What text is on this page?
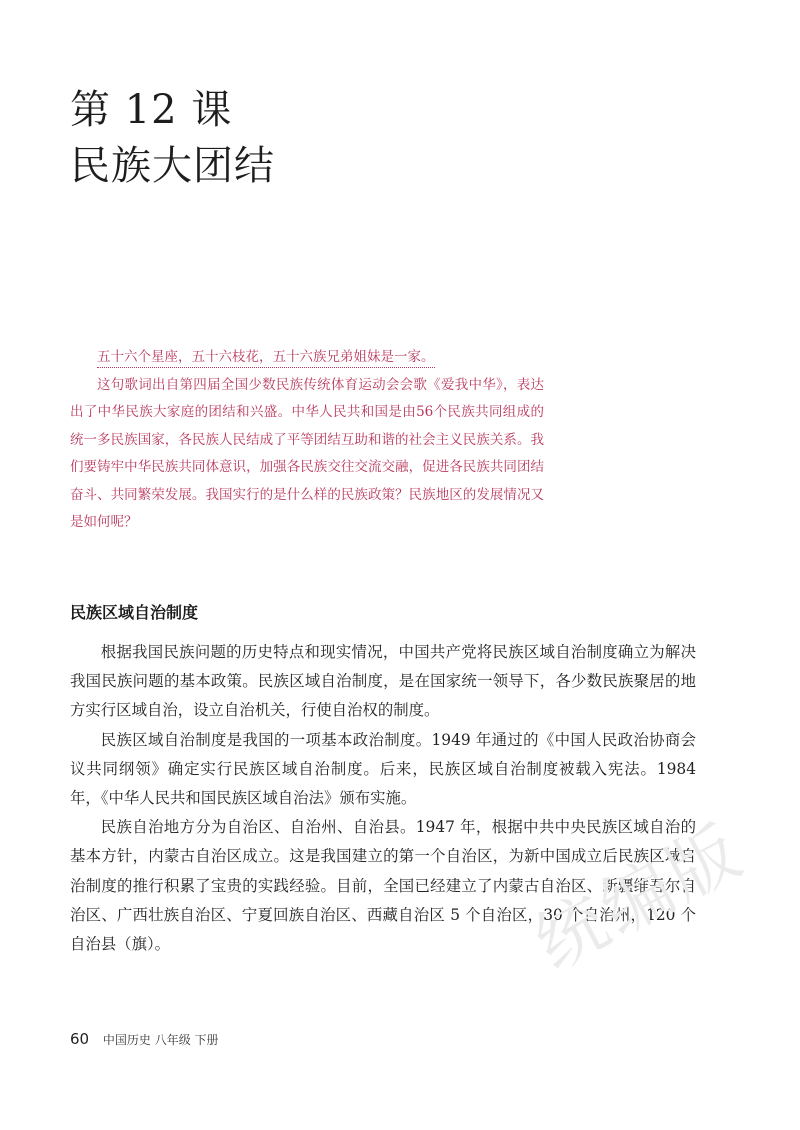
第 12 课
民族大团结

五十六个星座，五十六枝花，五十六族兄弟姐妹是一家。

这句歌词出自第四届全国少数民族传统体育运动会会歌《爱我中华》，表达出了中华民族大家庭的团结和兴盛。中华人民共和国是由56个民族共同组成的统一多民族国家，各民族人民结成了平等团结互助和谐的社会主义民族关系。我们要铸牢中华民族共同体意识，加强各民族交往交流交融，促进各民族共同团结奋斗、共同繁荣发展。我国实行的是什么样的民族政策？民族地区的发展情况又是如何呢？

民族区域自治制度

根据我国民族问题的历史特点和现实情况，中国共产党将民族区域自治制度确立为解决我国民族问题的基本政策。民族区域自治制度，是在国家统一领导下，各少数民族聚居的地方实行区域自治，设立自治机关，行使自治权的制度。

民族区域自治制度是我国的一项基本政治制度。1949 年通过的《中国人民政治协商会议共同纲领》确定实行民族区域自治制度。后来，民族区域自治制度被载入宪法。1984 年，《中华人民共和国民族区域自治法》颁布实施。

民族自治地方分为自治区、自治州、自治县。1947 年，根据中共中央民族区域自治的基本方针，内蒙古自治区成立。这是我国建立的第一个自治区，为新中国成立后民族区域自治制度的推行积累了宝贵的实践经验。目前，全国已经建立了内蒙古自治区、新疆维吾尔自治区、广西壮族自治区、宁夏回族自治区、西藏自治区 5 个自治区，30 个自治州，120 个自治县（旗）。

60 中国历史 八年级 下册
统编版
